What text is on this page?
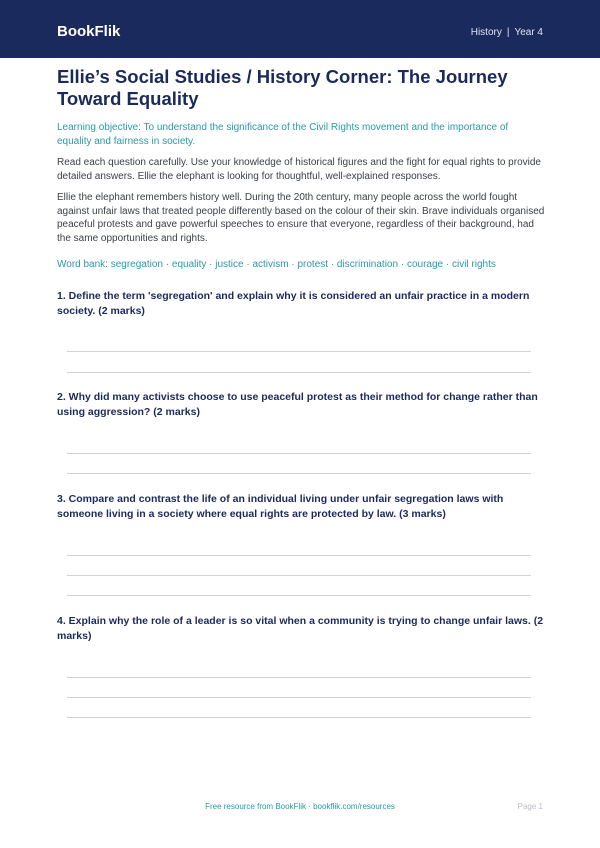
BookFlik	History | Year 4
Ellie’s Social Studies / History Corner: The Journey Toward Equality

Learning objective: To understand the significance of the Civil Rights movement and the importance of equality and fairness in society.

Read each question carefully. Use your knowledge of historical figures and the fight for equal rights to provide detailed answers. Ellie the elephant is looking for thoughtful, well-explained responses.

Ellie the elephant remembers history well. During the 20th century, many people across the world fought against unfair laws that treated people differently based on the colour of their skin. Brave individuals organised peaceful protests and gave powerful speeches to ensure that everyone, regardless of their background, had the same opportunities and rights.

Word bank: segregation · equality · justice · activism · protest · discrimination · courage · civil rights

1. Define the term 'segregation' and explain why it is considered an unfair practice in a modern society. (2 marks)

2. Why did many activists choose to use peaceful protest as their method for change rather than using aggression? (2 marks)

3. Compare and contrast the life of an individual living under unfair segregation laws with someone living in a society where equal rights are protected by law. (3 marks)

4. Explain why the role of a leader is so vital when a community is trying to change unfair laws. (2 marks)

Free resource from BookFlik · bookflik.com/resources	Page 1
